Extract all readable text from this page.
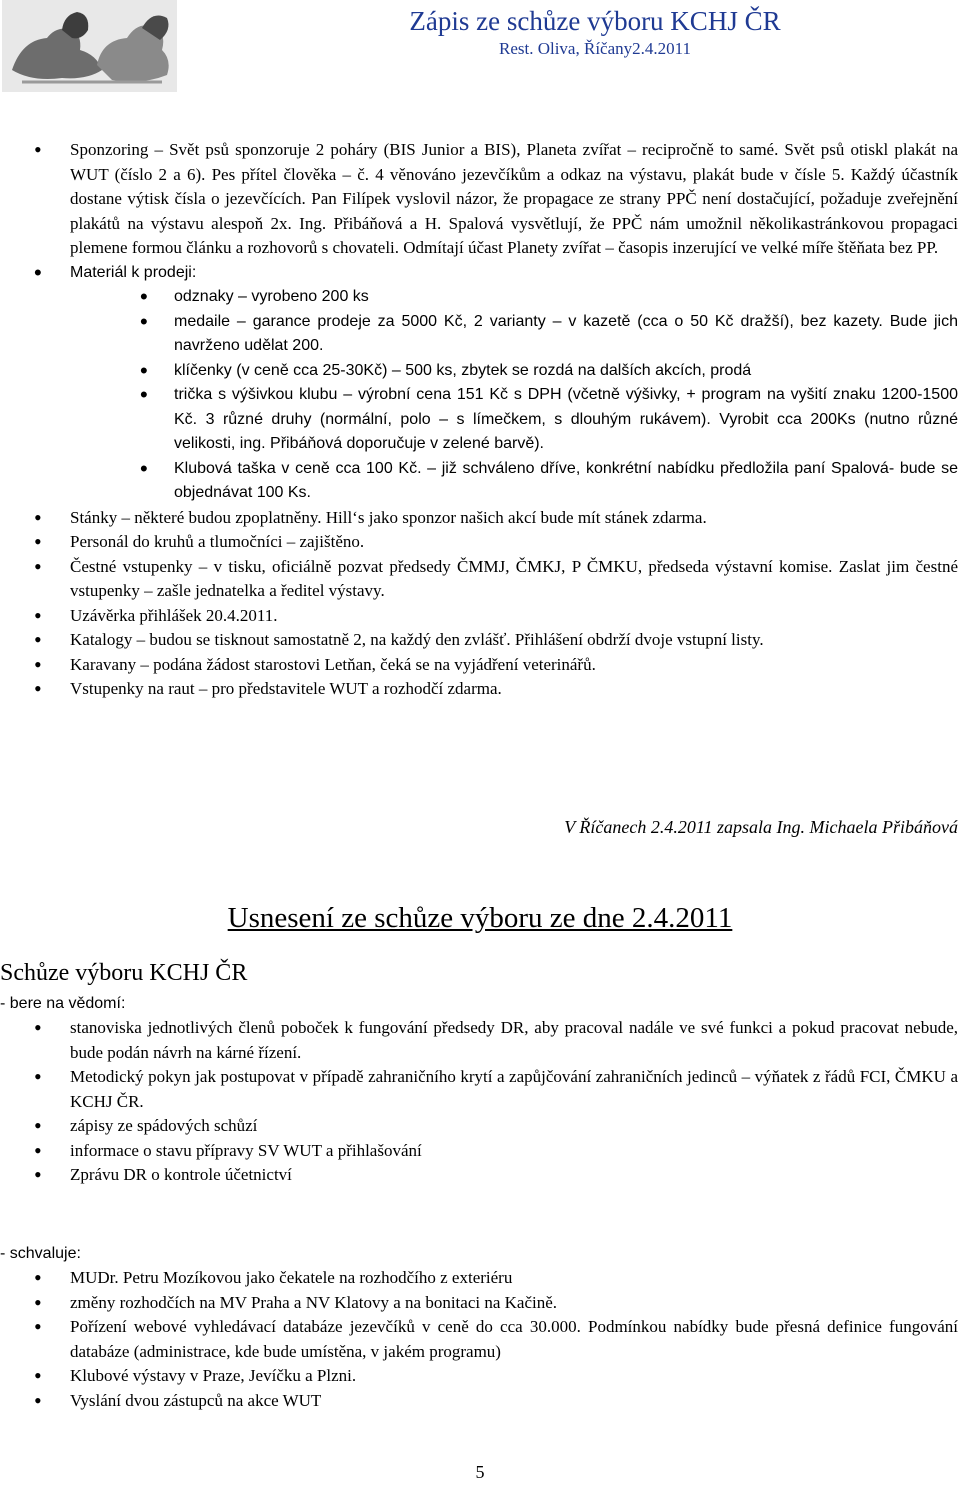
Zápis ze schůze výboru KCHJ ČR
Rest. Oliva, Říčany2.4.2011
• Sponzoring – Svět psů sponzoruje 2 poháry (BIS Junior a BIS), Planeta zvířat – recipročně to samé. Svět psů otiskl plakát na WUT (číslo 2 a 6). Pes přítel člověka – č. 4 věnováno jezevčíkům a odkaz na výstavu, plakát bude v čísle 5. Každý účastník dostane výtisk čísla o jezevčících. Pan Filípek vyslovil názor, že propagace ze strany PPČ není dostačující, požaduje zveřejnění plakátů na výstavu alespoň 2x. Ing. Přibáňová a H. Spalová vysvětlují, že PPČ nám umožnil několikastránkovou propagaci plemene formou článku a rozhovorů s chovateli. Odmítají účast Planety zvířat – časopis inzerující ve velké míře štěňata bez PP.
• Materiál k prodeji:
• odznaky – vyrobeno 200 ks
• medaile – garance prodeje za 5000 Kč, 2 varianty – v kazetě (cca o 50 Kč dražší), bez kazety. Bude jich navrženo udělat 200.
• klíčenky (v ceně cca 25-30Kč) – 500 ks, zbytek se rozdá na dalších akcích, prodá
• trička s výšivkou klubu – výrobní cena 151 Kč s DPH (včetně výšivky, + program na vyšití znaku 1200-1500 Kč. 3 různé druhy (normální, polo – s límečkem, s dlouhým rukávem). Vyrobit cca 200Ks (nutno různé velikosti, ing. Přibáňová doporučuje v zelené barvě).
• Klubová taška v ceně cca 100 Kč. – již schváleno dříve, konkrétní nabídku předložila paní Spalová- bude se objednávat 100 Ks.
• Stánky – některé budou zpoplatněny. Hill‘s jako sponzor našich akcí bude mít stánek zdarma.
• Personál do kruhů a tlumočníci – zajištěno.
• Čestné vstupenky – v tisku, oficiálně pozvat předsedy ČMMJ, ČMKJ, P ČMKU, předseda výstavní komise. Zaslat jim čestné vstupenky – zašle jednatelka a ředitel výstavy.
• Uzávěrka přihlášek 20.4.2011.
• Katalogy – budou se tisknout samostatně 2, na každý den zvlášť. Přihlášení obdrží dvoje vstupní listy.
• Karavany – podána žádost starostovi Letňan, čeká se na vyjádření veterinářů.
• Vstupenky na raut – pro představitele WUT a rozhodčí zdarma.
V Říčanech 2.4.2011 zapsala Ing. Michaela Přibáňová
Usnesení ze schůze výboru ze dne 2.4.2011
Schůze výboru KCHJ ČR
- bere na vědomí:
• stanoviska jednotlivých členů poboček k fungování předsedy DR, aby pracoval nadále ve své funkci a pokud pracovat nebude, bude podán návrh na kárné řízení.
• Metodický pokyn jak postupovat v případě zahraničního krytí a zapůjčování zahraničních jedinců – výňatek z řádů FCI, ČMKU a KCHJ ČR.
• zápisy ze spádových schůzí
• informace o stavu přípravy SV WUT a přihlašování
• Zprávu DR o kontrole účetnictví
- schvaluje:
• MUDr. Petru Mozíkovou jako čekatele na rozhodčího z exteriéru
• změny rozhodčích na MV Praha a NV Klatovy a na bonitaci na Kačině.
• Pořízení webové vyhledávací databáze jezevčíků v ceně do cca 30.000. Podmínkou nabídky bude přesná definice fungování databáze (administrace, kde bude umístěna, v jakém programu)
• Klubové výstavy v Praze, Jevíčku a Plzni.
• Vyslání dvou zástupců na akce WUT
5
